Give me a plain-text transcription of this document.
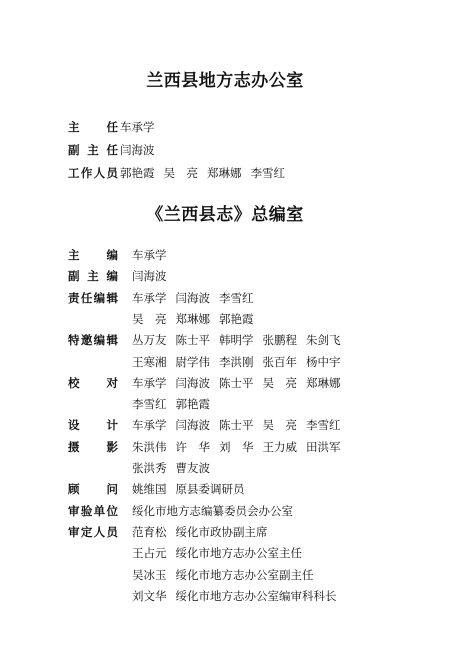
兰西县地方志办公室
主 任 车承学
副 主 任 闫海波
工 作 人 员 郭艳霞 吴　亮 郑琳娜 李雪红
《兰西县志》总编室
主 编 车承学
副 主 编 闫海波
责 任 编 辑 车承学 闫海波 李雪红
吴　亮 郑琳娜 郭艳霞
特 邀 编 辑 丛万友 陈士平 韩明学 张鹏程 朱剑飞
王寒湘 尉学伟 李洪刚 张百年 杨中宇
校 对 车承学 闫海波 陈士平 吴　亮 郑琳娜
李雪红 郭艳霞
设 计 车承学 闫海波 陈士平 吴　亮 李雪红
摄 影 朱洪伟 许　华 刘　华 王力威 田洪军
张洪秀 曹友波
顾 问 姚维国 原县委调研员
审 验 单 位 绥化市地方志编纂委员会办公室
审 定 人 员 范育松 绥化市政协副主席
王占元 绥化市地方志办公室主任
吴冰玉 绥化市地方志办公室副主任
刘文华 绥化市地方志办公室编审科科长
